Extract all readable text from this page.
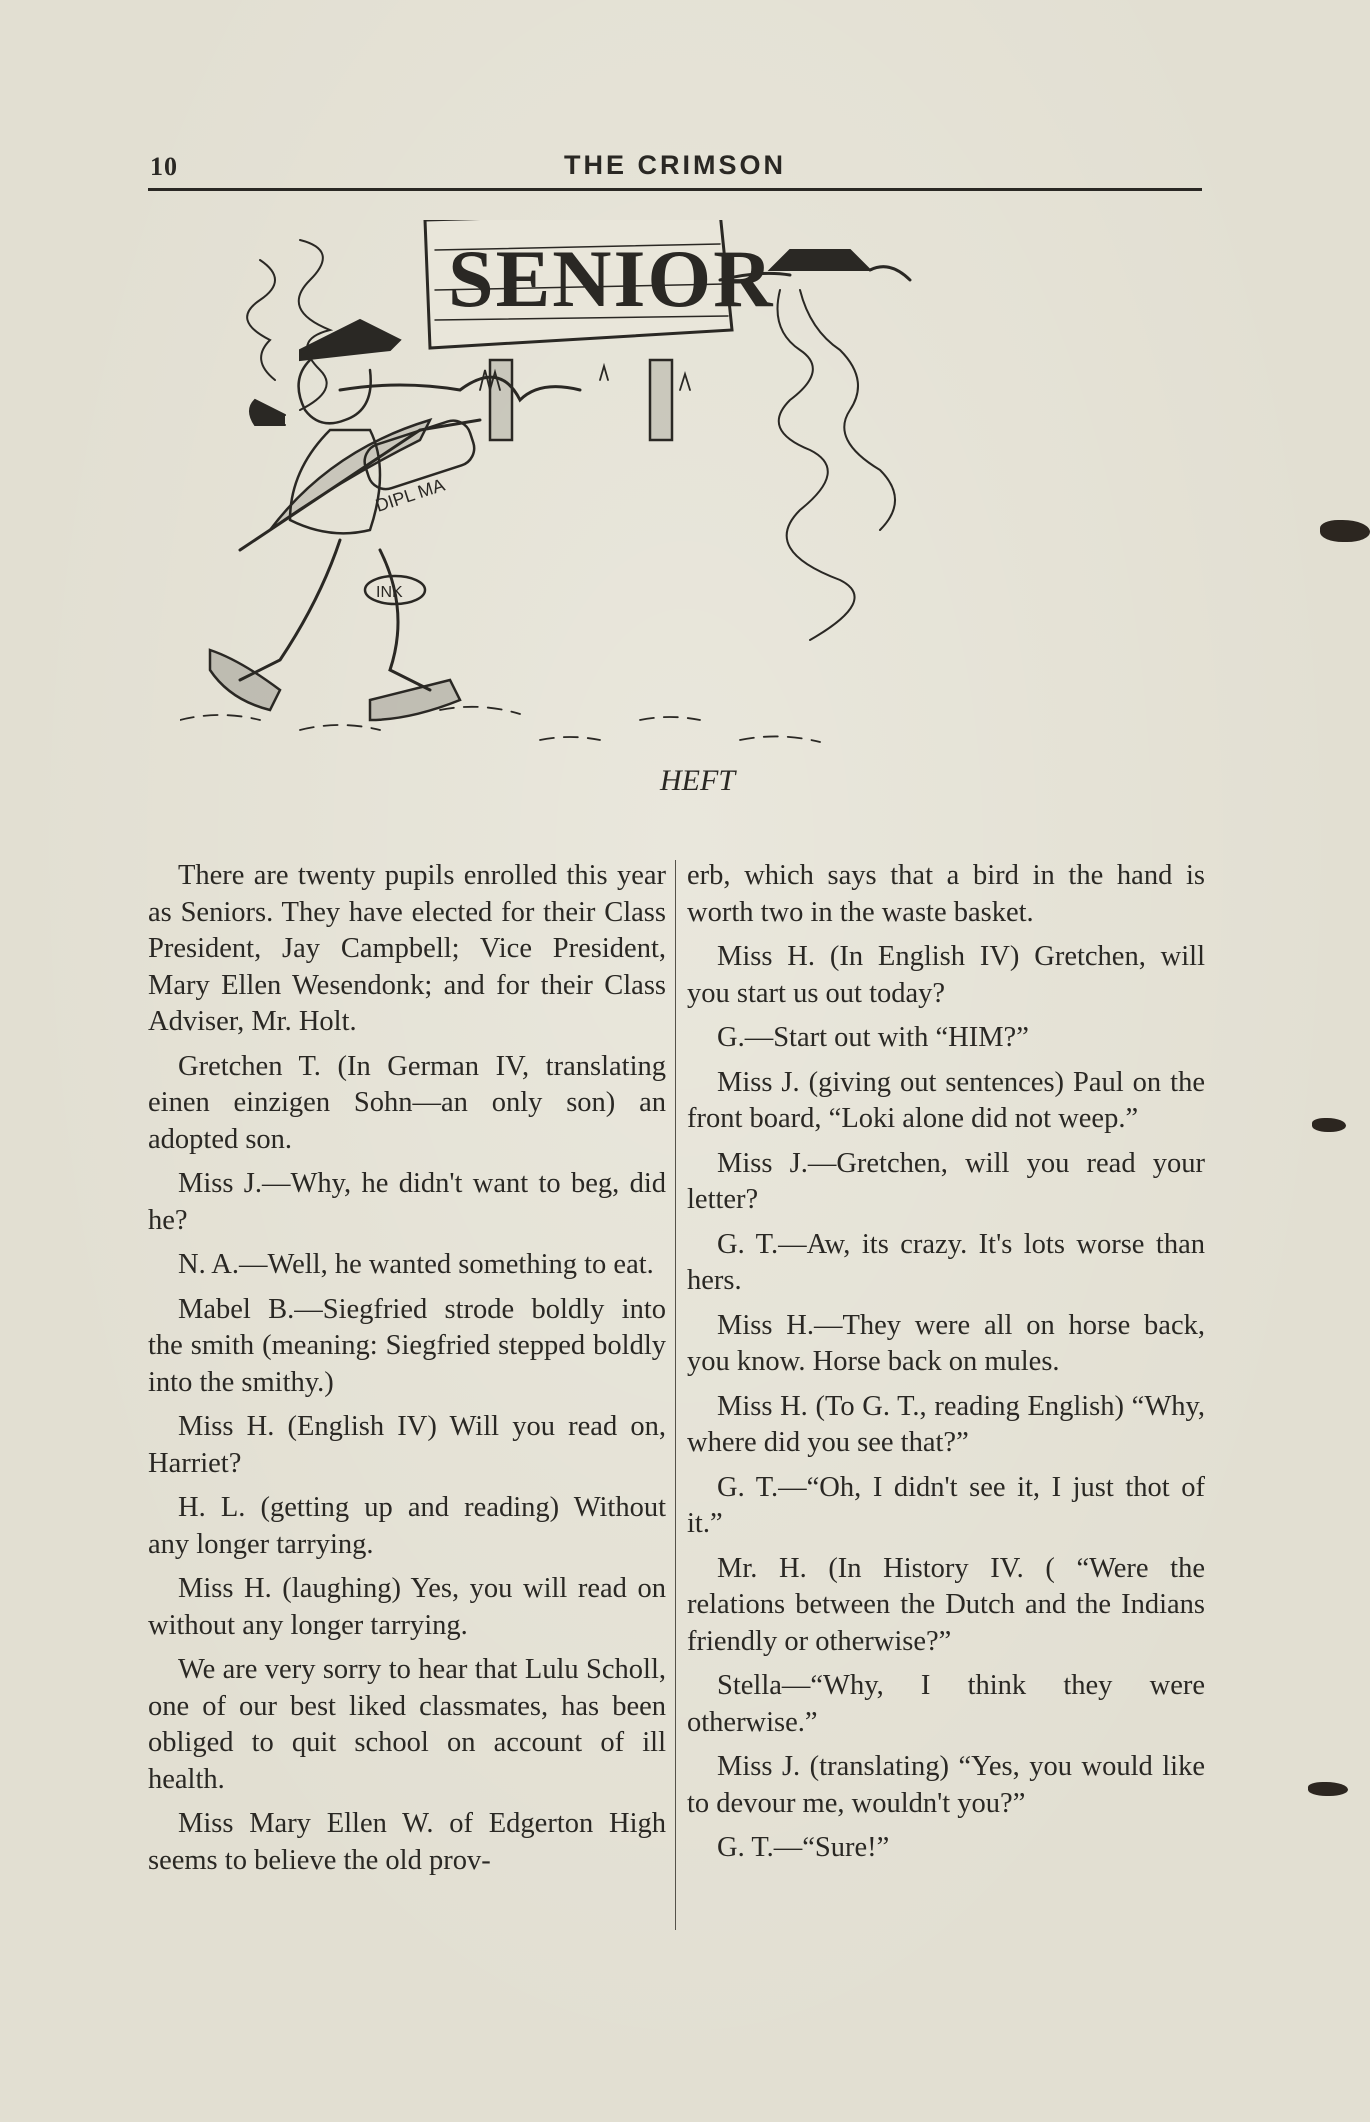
10	THE CRIMSON
DIPL MA
INK
SENIOR
HEFT

There are twenty pupils enrolled this year as Seniors. They have elected for their Class President, Jay Campbell; Vice President, Mary Ellen Wesendonk; and for their Class Adviser, Mr. Holt.

Gretchen T. (In German IV, translating einen einzigen Sohn—an only son) an adopted son.

Miss J.—Why, he didn't want to beg, did he?

N. A.—Well, he wanted something to eat.

Mabel B.—Siegfried strode boldly into the smith (meaning: Siegfried stepped boldly into the smithy.)

Miss H. (English IV) Will you read on, Harriet?

H. L. (getting up and reading) Without any longer tarrying.

Miss H. (laughing) Yes, you will read on without any longer tarrying.

We are very sorry to hear that Lulu Scholl, one of our best liked classmates, has been obliged to quit school on account of ill health.

Miss Mary Ellen W. of Edgerton High seems to believe the old prov-

erb, which says that a bird in the hand is worth two in the waste basket.

Miss H. (In English IV) Gretchen, will you start us out today?

G.—Start out with “HIM?”

Miss J. (giving out sentences) Paul on the front board, “Loki alone did not weep.”

Miss J.—Gretchen, will you read your letter?

G. T.—Aw, its crazy. It's lots worse than hers.

Miss H.—They were all on horse back, you know. Horse back on mules.

Miss H. (To G. T., reading English) “Why, where did you see that?”

G. T.—“Oh, I didn't see it, I just thot of it.”

Mr. H. (In History IV. ( “Were the relations between the Dutch and the Indians friendly or otherwise?”

Stella—“Why, I think they were otherwise.”

Miss J. (translating) “Yes, you would like to devour me, wouldn't you?”

G. T.—“Sure!”
